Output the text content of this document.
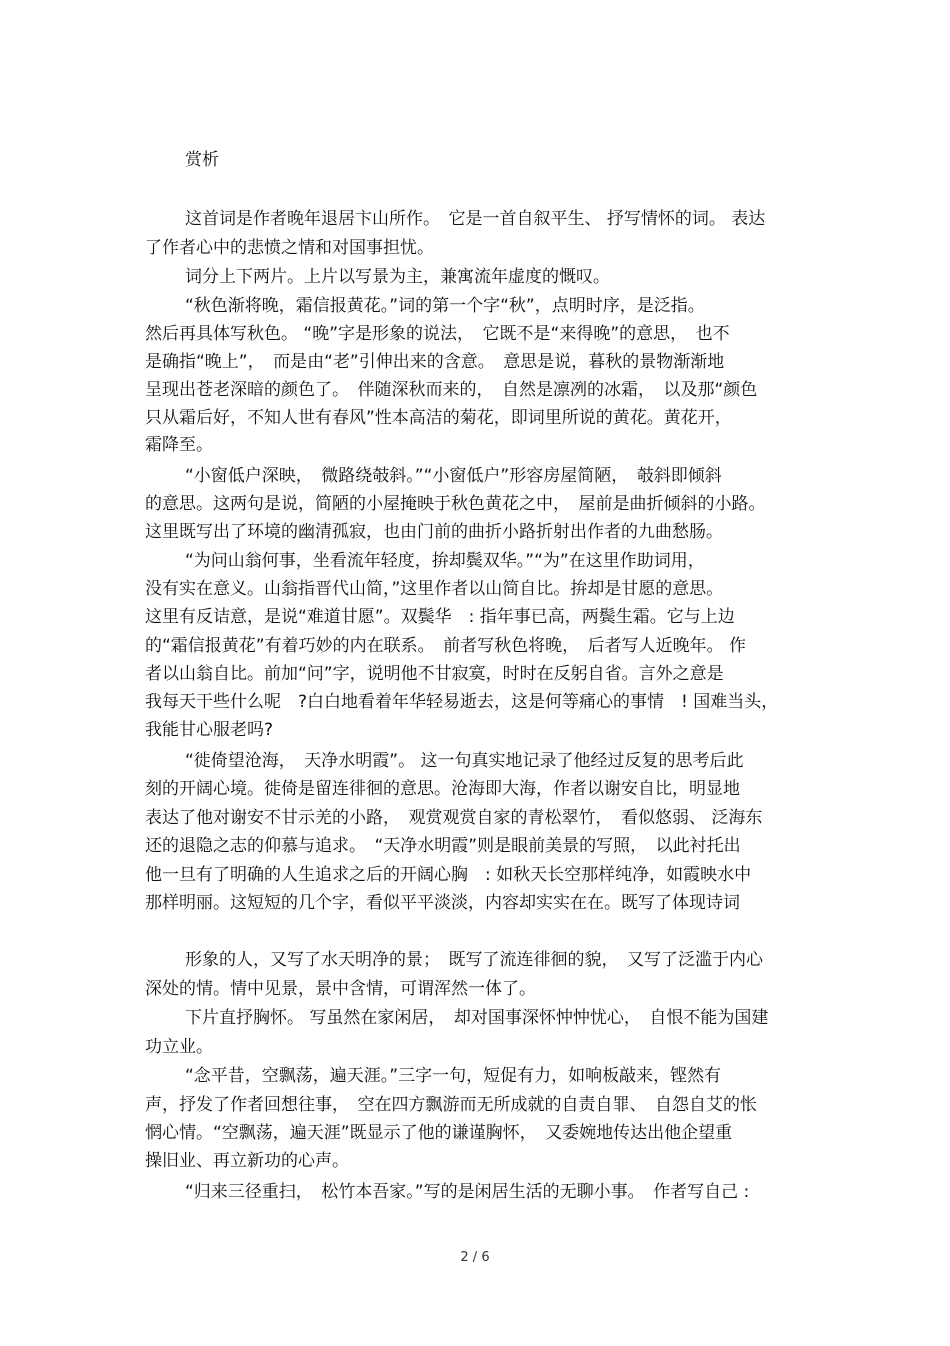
赏析
这首词是作者晚年退居卞山所作。　它是一首自叙平生、 抒写情怀的词。 表达
了作者心中的悲愤之情和对国事担忧。
词分上下两片。上片以写景为主，兼寓流年虚度的慨叹。
“秋色渐将晚，霜信报黄花。”词的第一个字“秋”，点明时序，是泛指。
然后再具体写秋色。 “晚”字是形象的说法，　它既不是“来得晚”的意思，　也不
是确指“晚上”，　而是由“老”引伸出来的含意。　意思是说，暮秋的景物渐渐地
呈现出苍老深暗的颜色了。　伴随深秋而来的，　自然是凛冽的冰霜，　以及那“颜色
只从霜后好，不知人世有春风”性本高洁的菊花，即词里所说的黄花。黄花开，
霜降至。
“小窗低户深映，　微路绕攲斜。”“小窗低户”形容房屋简陋，　攲斜即倾斜
的意思。这两句是说，简陋的小屋掩映于秋色黄花之中，　屋前是曲折倾斜的小路。
这里既写出了环境的幽清孤寂，也由门前的曲折小路折射出作者的九曲愁肠。
“为问山翁何事，坐看流年轻度，拚却鬓双华。”“为”在这里作助词用，
没有实在意义。山翁指晋代山简，”这里作者以山简自比。拚却是甘愿的意思。
这里有反诘意，是说“难道甘愿”。双鬓华　: 指年事已高，两鬓生霜。它与上边
的“霜信报黄花”有着巧妙的内在联系。　前者写秋色将晚，　后者写人近晚年。 作
者以山翁自比。前加“问”字，说明他不甘寂寞，时时在反躬自省。言外之意是
我每天干些什么呢　?白白地看着年华轻易逝去，这是何等痛心的事情　! 国难当头，
我能甘心服老吗?
“徙倚望沧海，　天净水明霞”。 这一句真实地记录了他经过反复的思考后此
刻的开阔心境。徙倚是留连徘徊的意思。沧海即大海，作者以谢安自比，明显地
表达了他对谢安不甘示羌的小路，　观赏观赏自家的青松翠竹，　看似悠弱、 泛海东
还的退隐之志的仰慕与追求。　“天净水明霞”则是眼前美景的写照，　以此衬托出
他一旦有了明确的人生追求之后的开阔心胸　: 如秋天长空那样纯净，如霞映水中
那样明丽。这短短的几个字，看似平平淡淡，内容却实实在在。既写了体现诗词
形象的人，又写了水天明净的景；　既写了流连徘徊的貌，　又写了泛滥于内心
深处的情。情中见景，景中含情，可谓浑然一体了。
下片直抒胸怀。 写虽然在家闲居，　却对国事深怀忡忡忧心，　自恨不能为国建
功立业。
“念平昔，空飘荡，遍天涯。”三字一句，短促有力，如响板敲来，铿然有
声，抒发了作者回想往事，　空在四方飘游而无所成就的自责自罪、　自怨自艾的怅
惘心情。“空飘荡，遍天涯”既显示了他的谦谨胸怀，　又委婉地传达出他企望重
操旧业、再立新功的心声。
“归来三径重扫，　松竹本吾家。”写的是闲居生活的无聊小事。　作者写自己 :
2 / 6
